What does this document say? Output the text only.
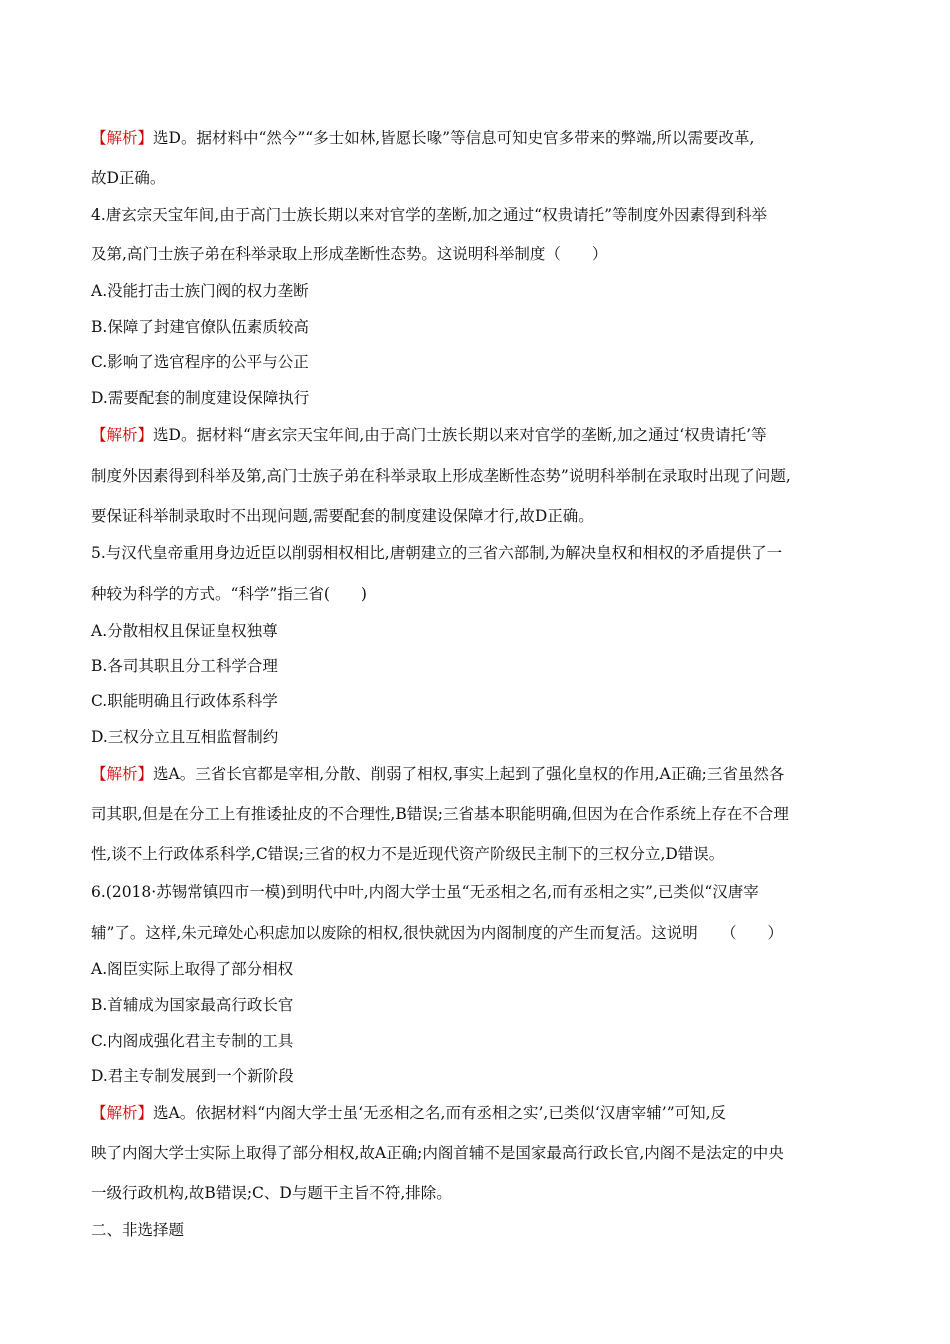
【解析】选D。据材料中“然今”“多士如林,皆愿长喙”等信息可知史官多带来的弊端,所以需要改革,
故D正确。
4.唐玄宗天宝年间,由于高门士族长期以来对官学的垄断,加之通过“权贵请托”等制度外因素得到科举
及第,高门士族子弟在科举录取上形成垄断性态势。这说明科举制度（　　）
A.没能打击士族门阀的权力垄断
B.保障了封建官僚队伍素质较高
C.影响了选官程序的公平与公正
D.需要配套的制度建设保障执行
【解析】选D。据材料“唐玄宗天宝年间,由于高门士族长期以来对官学的垄断,加之通过‘权贵请托’等
制度外因素得到科举及第,高门士族子弟在科举录取上形成垄断性态势”说明科举制在录取时出现了问题,
要保证科举制录取时不出现问题,需要配套的制度建设保障才行,故D正确。
5.与汉代皇帝重用身边近臣以削弱相权相比,唐朝建立的三省六部制,为解决皇权和相权的矛盾提供了一
种较为科学的方式。“科学”指三省(　　)
A.分散相权且保证皇权独尊
B.各司其职且分工科学合理
C.职能明确且行政体系科学
D.三权分立且互相监督制约
【解析】选A。三省长官都是宰相,分散、削弱了相权,事实上起到了强化皇权的作用,A正确;三省虽然各
司其职,但是在分工上有推诿扯皮的不合理性,B错误;三省基本职能明确,但因为在合作系统上存在不合理
性,谈不上行政体系科学,C错误;三省的权力不是近现代资产阶级民主制下的三权分立,D错误。
6.(2018·苏锡常镇四市一模)到明代中叶,内阁大学士虽“无丞相之名,而有丞相之实”,已类似“汉唐宰
辅”了。这样,朱元璋处心积虑加以废除的相权,很快就因为内阁制度的产生而复活。这说明　　（　　）
A.阁臣实际上取得了部分相权
B.首辅成为国家最高行政长官
C.内阁成强化君主专制的工具
D.君主专制发展到一个新阶段
【解析】选A。依据材料“内阁大学士虽‘无丞相之名,而有丞相之实’,已类似‘汉唐宰辅’”可知,反
映了内阁大学士实际上取得了部分相权,故A正确;内阁首辅不是国家最高行政长官,内阁不是法定的中央
一级行政机构,故B错误;C、D与题干主旨不符,排除。
二、非选择题
